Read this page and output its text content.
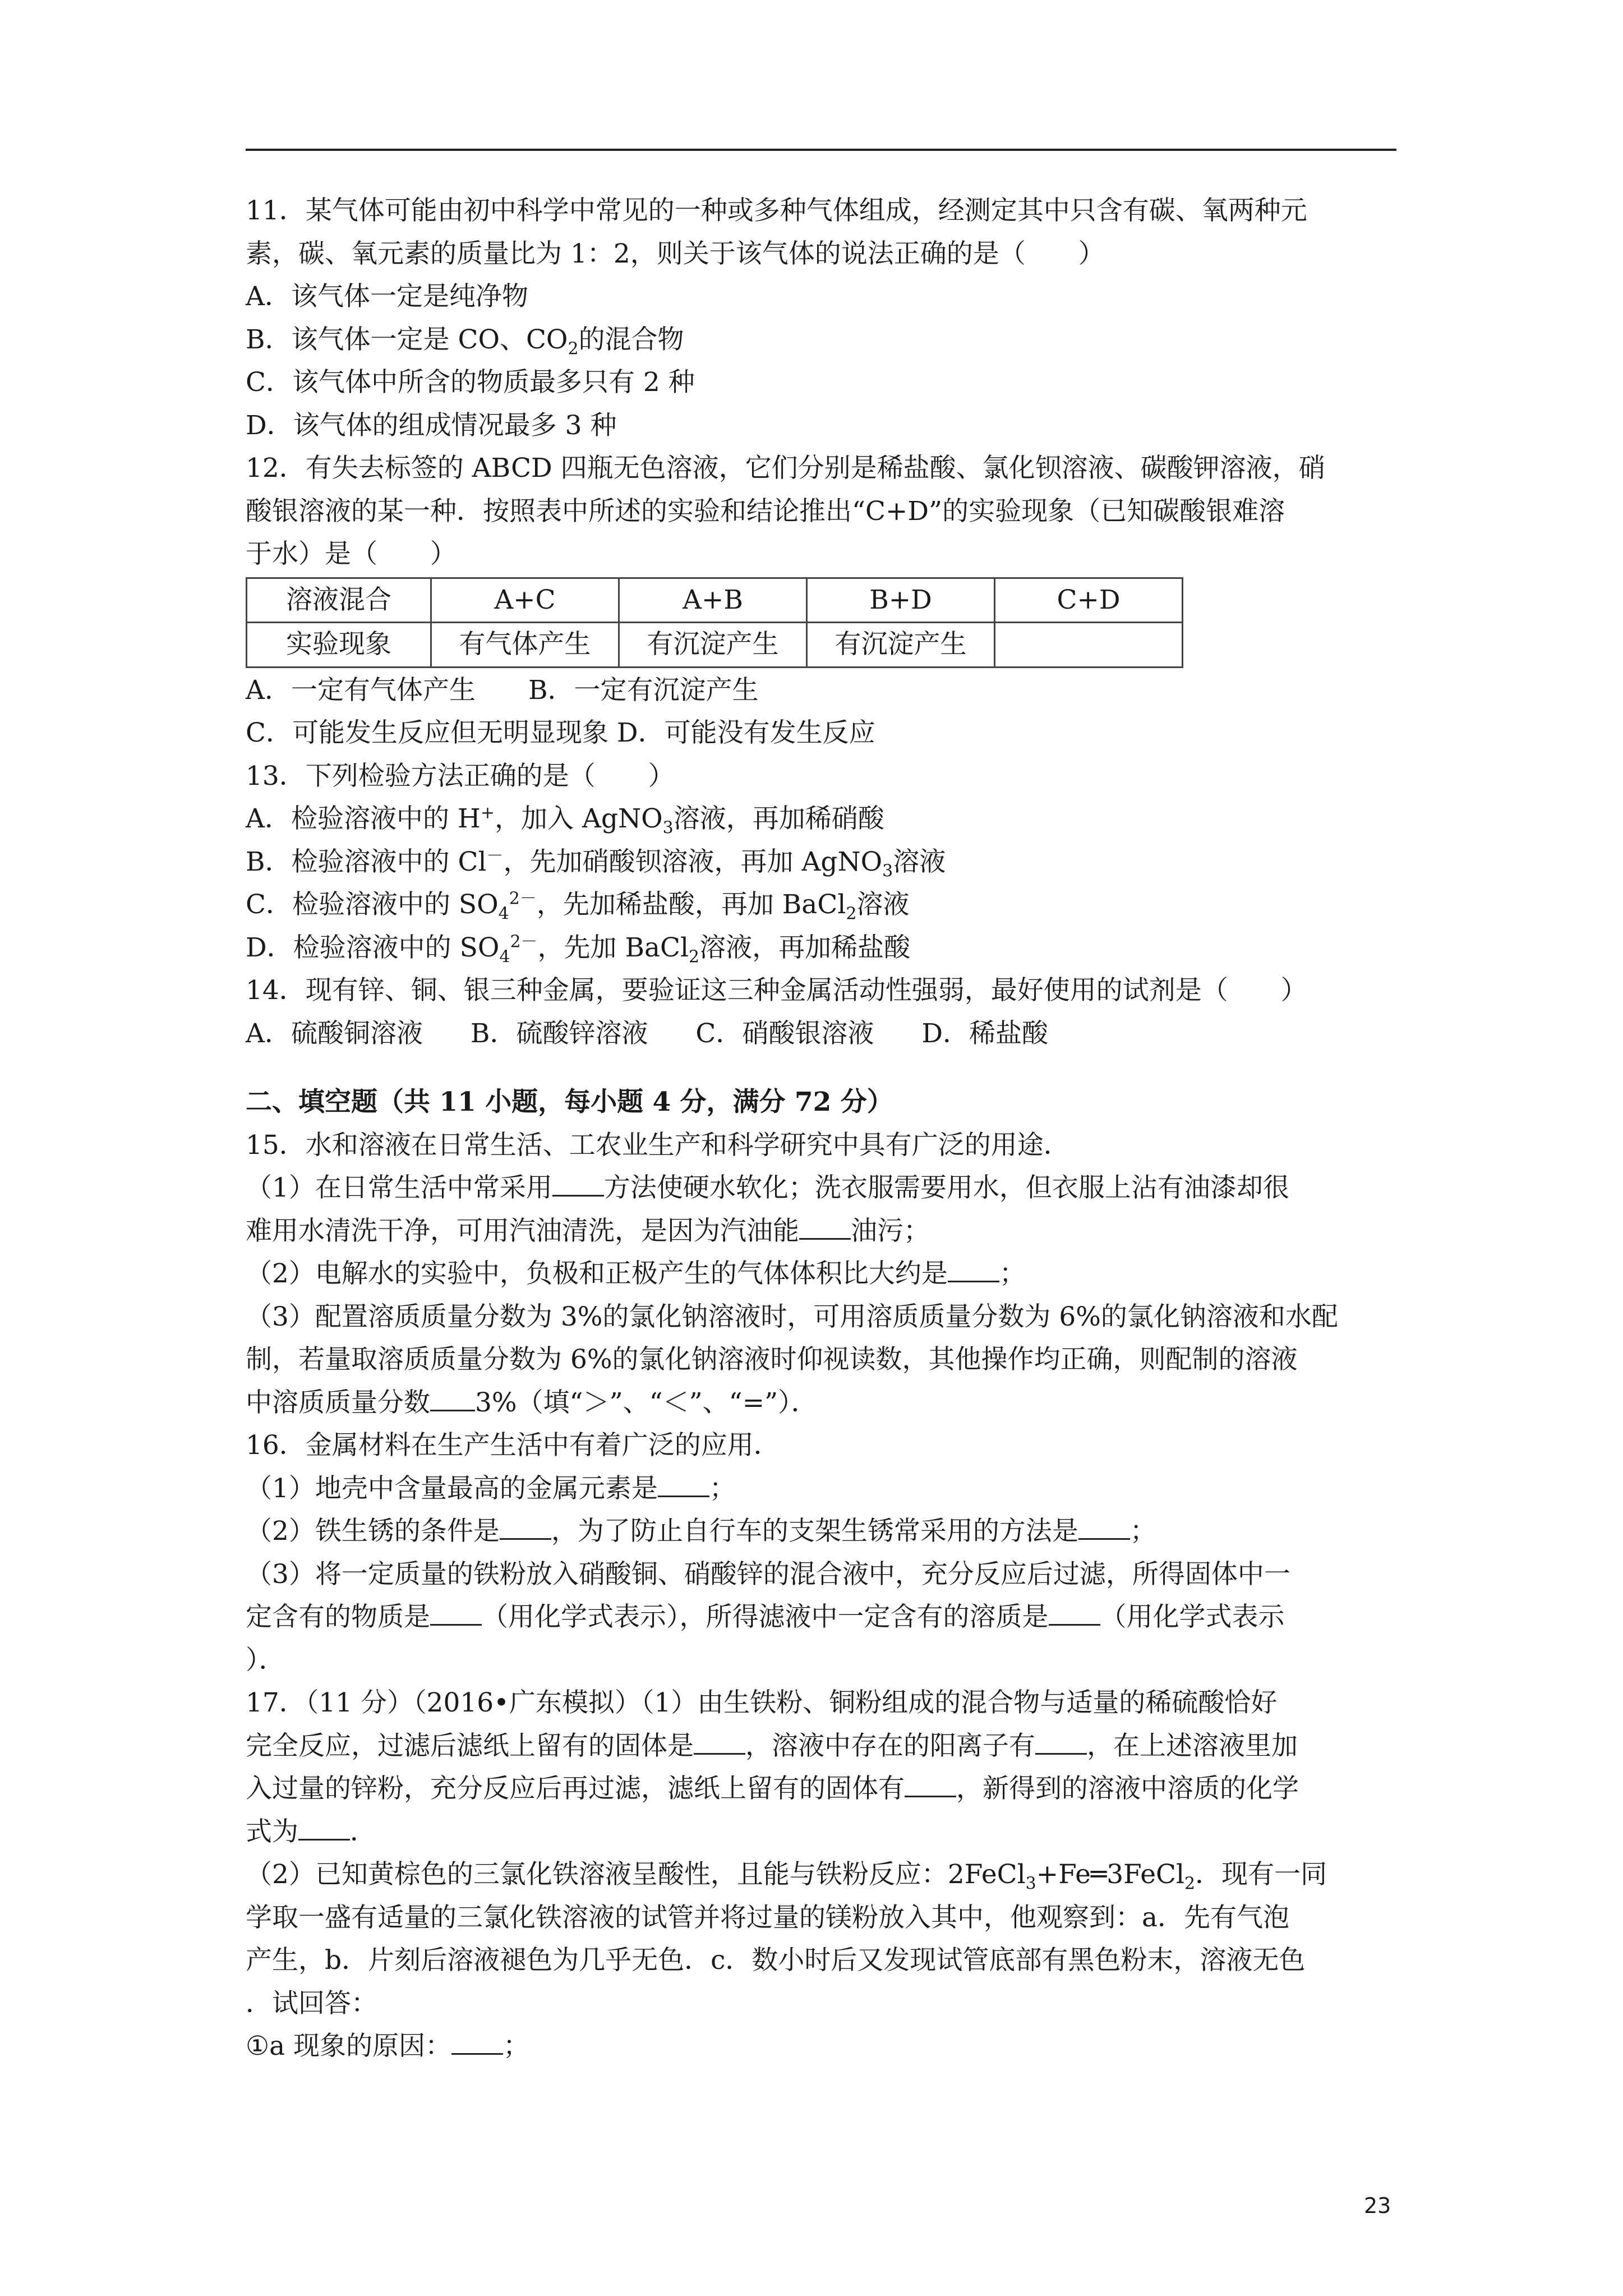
11．某气体可能由初中科学中常见的一种或多种气体组成，经测定其中只含有碳、氧两种元
素，碳、氧元素的质量比为 1：2，则关于该气体的说法正确的是（　　）
A．该气体一定是纯净物
B．该气体一定是 CO、$CO_2$的混合物
C．该气体中所含的物质最多只有 2 种
D．该气体的组成情况最多 3 种
12．有失去标签的 ABCD 四瓶无色溶液，它们分别是稀盐酸、氯化钡溶液、碳酸钾溶液，硝
酸银溶液的某一种．按照表中所述的实验和结论推出“C+D”的实验现象（已知碳酸银难溶
于水）是（　　）
溶液混合	A+C	A+B	B+D	C+D
实验现象	有气体产生	有沉淀产生	有沉淀产生	
A．一定有气体产生　　B．一定有沉淀产生
C．可能发生反应但无明显现象 D．可能没有发生反应
13．下列检验方法正确的是（　　）
A．检验溶液中的 H+，加入 AgNO$_3$溶液，再加稀硝酸
B．检验溶液中的 Cl－，先加硝酸钡溶液，再加 AgNO$_3$溶液
C．检验溶液中的 $SO_4^{2-}$，先加稀盐酸，再加 BaCl$_2$溶液
D．检验溶液中的 $SO_4^{2-}$，先加 BaCl$_2$溶液，再加稀盐酸
14．现有锌、铜、银三种金属，要验证这三种金属活动性强弱，最好使用的试剂是（　　）
A．硫酸铜溶液 B．硫酸锌溶液 C．硝酸银溶液 D．稀盐酸
二、填空题（共 11 小题，每小题 4 分，满分 72 分）
15．水和溶液在日常生活、工农业生产和科学研究中具有广泛的用途．
（1）在日常生活中常采用 方法使硬水软化；洗衣服需要用水，但衣服上沾有油漆却很
难用水清洗干净，可用汽油清洗，是因为汽油能 油污；
（2）电解水的实验中，负极和正极产生的气体体积比大约是 ；
（3）配置溶质质量分数为 3%的氯化钠溶液时，可用溶质质量分数为 6%的氯化钠溶液和水配
制，若量取溶质质量分数为 6%的氯化钠溶液时仰视读数，其他操作均正确，则配制的溶液
中溶质质量分数 3%（填“＞”、“＜”、“=”）．
16．金属材料在生产生活中有着广泛的应用．
（1）地壳中含量最高的金属元素是 ；
（2）铁生锈的条件是 ，为了防止自行车的支架生锈常采用的方法是 ；
（3）将一定质量的铁粉放入硝酸铜、硝酸锌的混合液中，充分反应后过滤，所得固体中一
定含有的物质是 （用化学式表示），所得滤液中一定含有的溶质是 （用化学式表示
）．
17．（11 分）（2016•广东模拟）（1）由生铁粉、铜粉组成的混合物与适量的稀硫酸恰好
完全反应，过滤后滤纸上留有的固体是 ，溶液中存在的阳离子有 ，在上述溶液里加
入过量的锌粉，充分反应后再过滤，滤纸上留有的固体有 ，新得到的溶液中溶质的化学
式为 ．
（2）已知黄棕色的三氯化铁溶液呈酸性，且能与铁粉反应：2FeCl$_3$+Fe═3FeCl$_2$．现有一同
学取一盛有适量的三氯化铁溶液的试管并将过量的镁粉放入其中，他观察到：a．先有气泡
产生，b．片刻后溶液褪色为几乎无色．c．数小时后又发现试管底部有黑色粉末，溶液无色
．试回答：
①a 现象的原因： ；
23
